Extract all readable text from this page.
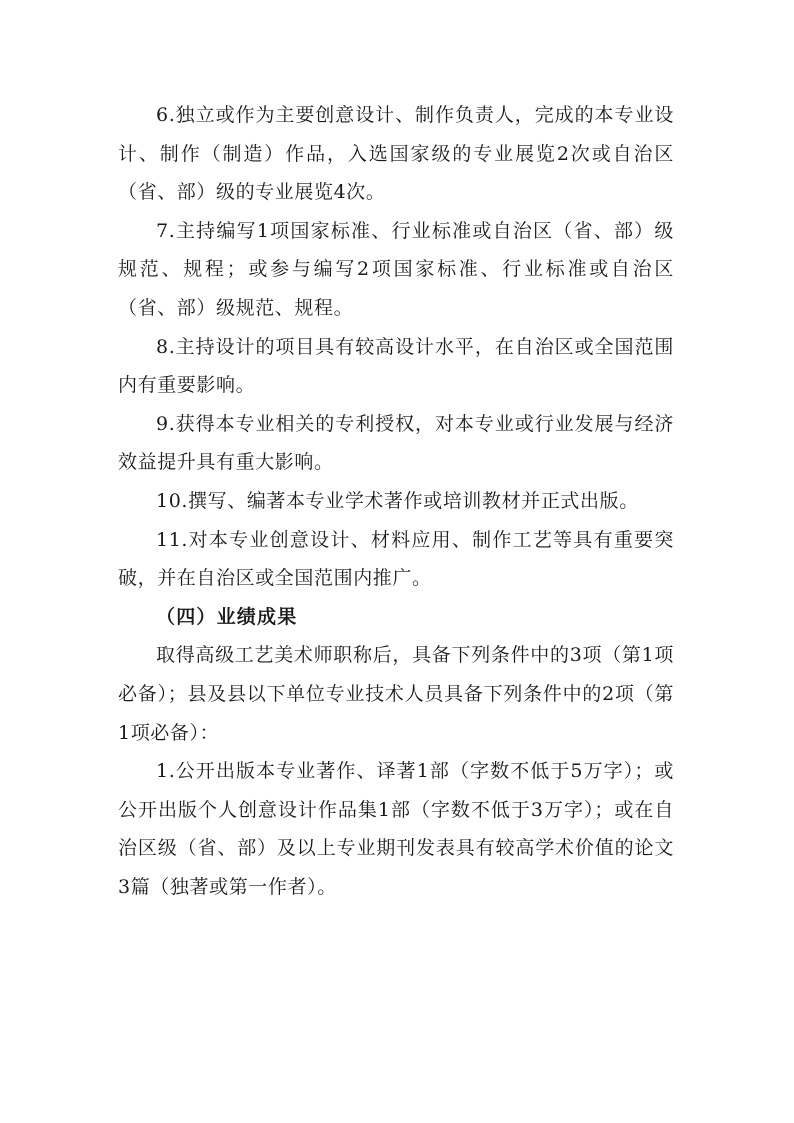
6.独立或作为主要创意设计、制作负责人，完成的本专业设计、制作（制造）作品，入选国家级的专业展览2次或自治区（省、部）级的专业展览4次。

7.主持编写1项国家标准、行业标准或自治区（省、部）级规范、规程；或参与编写2项国家标准、行业标准或自治区（省、部）级规范、规程。

8.主持设计的项目具有较高设计水平，在自治区或全国范围内有重要影响。

9.获得本专业相关的专利授权，对本专业或行业发展与经济效益提升具有重大影响。

10.撰写、编著本专业学术著作或培训教材并正式出版。

11.对本专业创意设计、材料应用、制作工艺等具有重要突破，并在自治区或全国范围内推广。

（四）业绩成果

取得高级工艺美术师职称后，具备下列条件中的3项（第1项必备）；县及县以下单位专业技术人员具备下列条件中的2项（第1项必备）：

1.公开出版本专业著作、译著1部（字数不低于5万字）；或公开出版个人创意设计作品集1部（字数不低于3万字）；或在自治区级（省、部）及以上专业期刊发表具有较高学术价值的论文3篇（独著或第一作者）。
